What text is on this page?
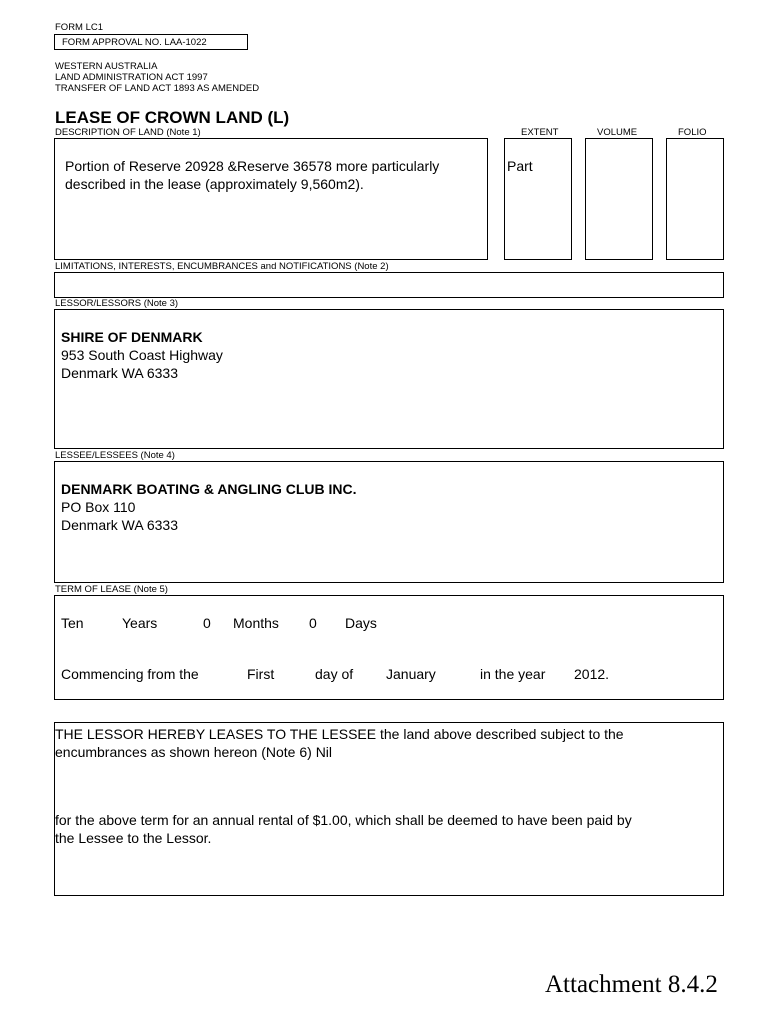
FORM LC1
FORM APPROVAL NO. LAA-1022
WESTERN AUSTRALIA
LAND ADMINISTRATION ACT 1997
TRANSFER OF LAND ACT 1893 AS AMENDED
LEASE OF CROWN LAND (L)
DESCRIPTION OF LAND (Note 1)	EXTENT	VOLUME	FOLIO
Portion of Reserve 20928 &Reserve 36578 more particularly
described in the lease (approximately 9,560m2).
Part
LIMITATIONS, INTERESTS, ENCUMBRANCES and NOTIFICATIONS (Note 2)
LESSOR/LESSORS (Note 3)
SHIRE OF DENMARK
953 South Coast Highway
Denmark WA 6333
LESSEE/LESSEES (Note 4)
DENMARK BOATING & ANGLING CLUB INC.
PO Box 110
Denmark WA 6333
TERM OF LEASE (Note 5)
Ten	Years	0 Months 0 Days
Commencing from the	First	day of January	in the year 2012.
THE LESSOR HEREBY LEASES TO THE LESSEE the land above described subject to the
encumbrances as shown hereon (Note 6) Nil
for the above term for an annual rental of $1.00, which shall be deemed to have been paid by
the Lessee to the Lessor.
Attachment 8.4.2
